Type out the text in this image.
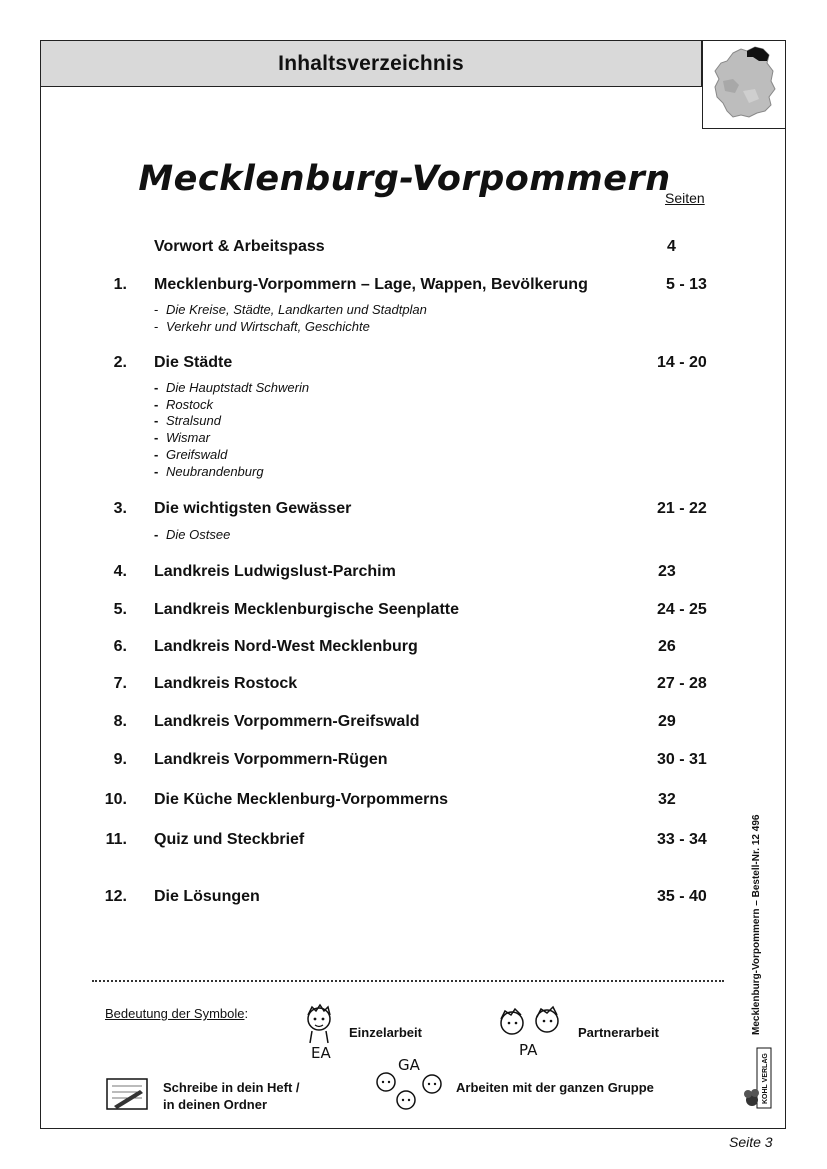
Inhaltsverzeichnis
Mecklenburg-Vorpommern
Seiten
Vorwort & Arbeitspass	4
1. Mecklenburg-Vorpommern – Lage, Wappen, Bevölkerung	5 - 13
- Die Kreise, Städte, Landkarten und Stadtplan
- Verkehr und Wirtschaft, Geschichte
2. Die Städte	14 - 20
- Die Hauptstadt Schwerin
- Rostock
- Stralsund
- Wismar
- Greifswald
- Neubrandenburg
3. Die wichtigsten Gewässer	21 - 22
- Die Ostsee
4. Landkreis Ludwigslust-Parchim	23
5. Landkreis Mecklenburgische Seenplatte	24 - 25
6. Landkreis Nord-West Mecklenburg	26
7. Landkreis Rostock	27 - 28
8. Landkreis Vorpommern-Greifswald	29
9. Landkreis Vorpommern-Rügen	30 - 31
10. Die Küche Mecklenburg-Vorpommerns	32
11. Quiz und Steckbrief	33 - 34
12. Die Lösungen	35 - 40
Bedeutung der Symbole:
EA
Einzelarbeit
PA
Partnerarbeit
Schreibe in dein Heft /
in deinen Ordner
GA
Arbeiten mit der ganzen Gruppe
Mecklenburg-Vorpommern – Bestell-Nr. 12 496
KOHL VERLAG
Seite 3
